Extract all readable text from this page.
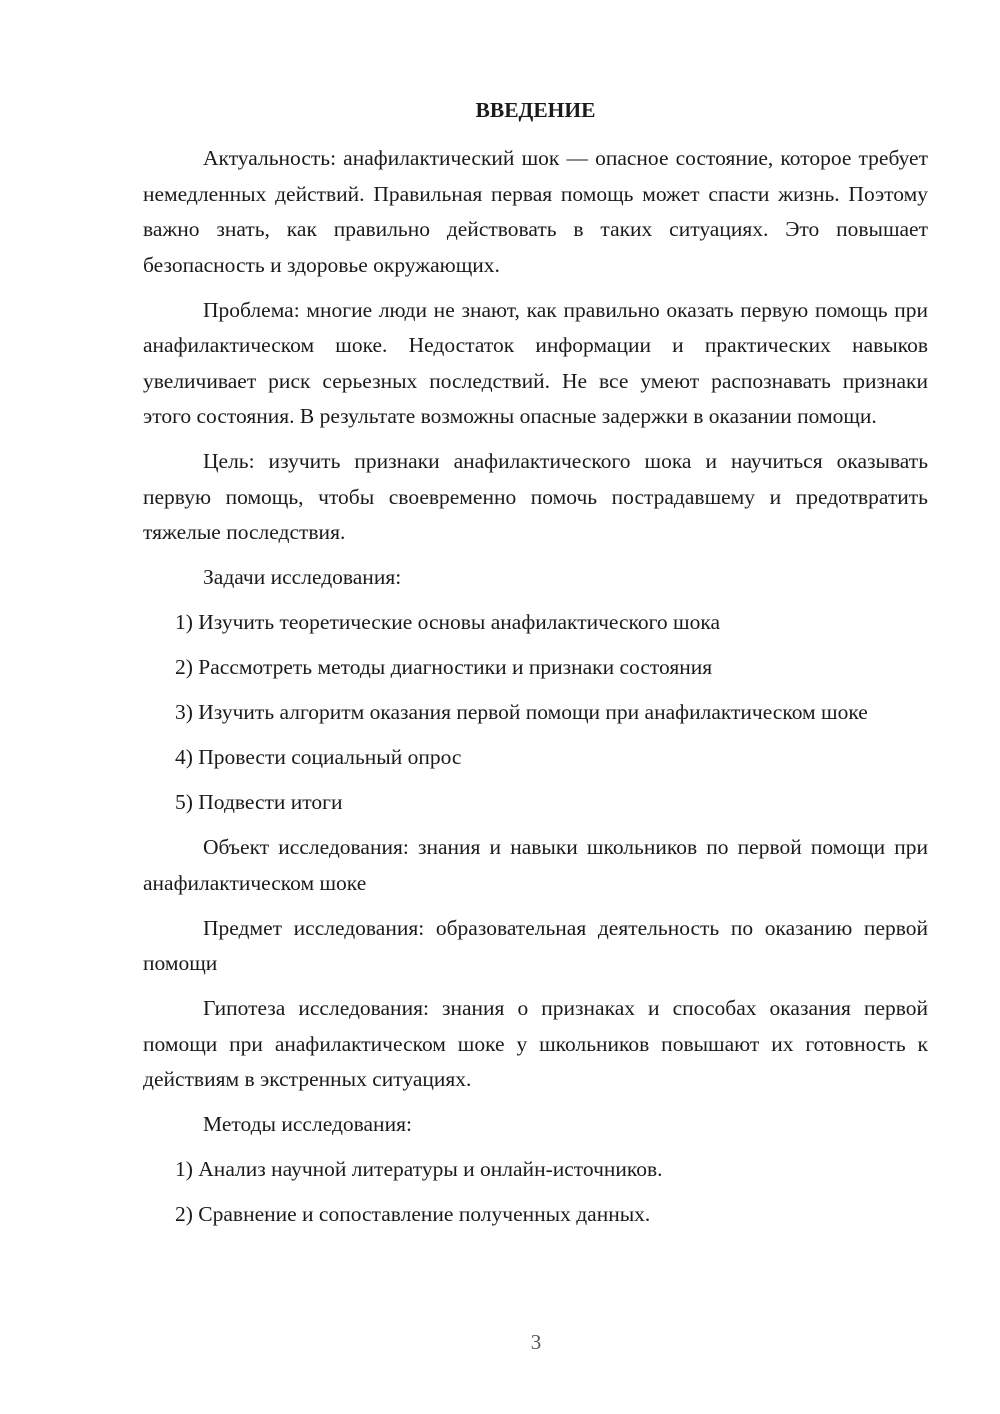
ВВЕДЕНИЕ

Актуальность: анафилактический шок — опасное состояние, которое требует немедленных действий. Правильная первая помощь может спасти жизнь. Поэтому важно знать, как правильно действовать в таких ситуациях. Это повышает безопасность и здоровье окружающих.

Проблема: многие люди не знают, как правильно оказать первую помощь при анафилактическом шоке. Недостаток информации и практических навыков увеличивает риск серьезных последствий. Не все умеют распознавать признаки этого состояния. В результате возможны опасные задержки в оказании помощи.

Цель: изучить признаки анафилактического шока и научиться оказывать первую помощь, чтобы своевременно помочь пострадавшему и предотвратить тяжелые последствия.

Задачи исследования:

1) Изучить теоретические основы анафилактического шока

2) Рассмотреть методы диагностики и признаки состояния

3) Изучить алгоритм оказания первой помощи при анафилактическом шоке

4) Провести социальный опрос

5) Подвести итоги

Объект исследования: знания и навыки школьников по первой помощи при анафилактическом шоке

Предмет исследования: образовательная деятельность по оказанию первой помощи

Гипотеза исследования: знания о признаках и способах оказания первой помощи при анафилактическом шоке у школьников повышают их готовность к действиям в экстренных ситуациях.

Методы исследования:

1) Анализ научной литературы и онлайн-источников.

2) Сравнение и сопоставление полученных данных.

3
